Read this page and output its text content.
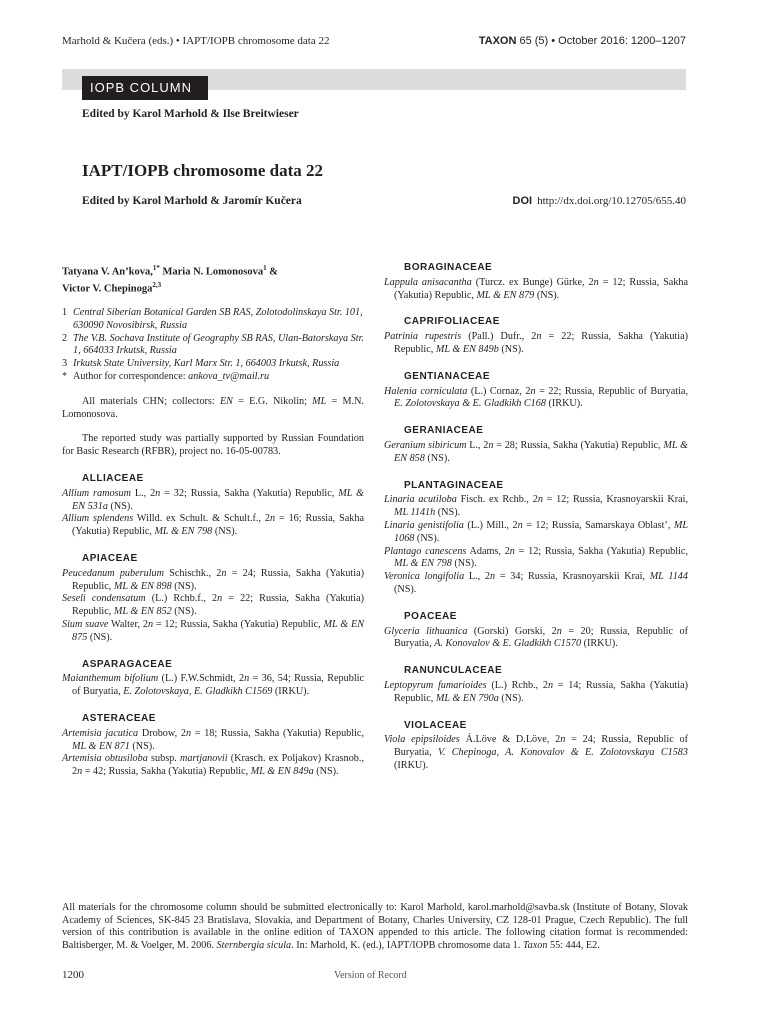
Marhold & Kučera (eds.) • IAPT/IOPB chromosome data 22	TAXON 65 (5) • October 2016: 1200–1207
IOPB COLUMN
Edited by Karol Marhold & Ilse Breitwieser
IAPT/IOPB chromosome data 22
Edited by Karol Marhold & Jaromír Kučera	DOI http://dx.doi.org/10.12705/655.40
Tatyana V. An’kova,$^{1*}$ Maria N. Lomonosova$^1$ &
Victor V. Chepinoga$^{2,3}$
1 Central Siberian Botanical Garden SB RAS, Zolotodolinskaya Str. 101, 630090 Novosibirsk, Russia
2 The V.B. Sochava Institute of Geography SB RAS, Ulan-Batorskaya Str. 1, 664033 Irkutsk, Russia
3 Irkutsk State University, Karl Marx Str. 1, 664003 Irkutsk, Russia
* Author for correspondence: ankova_tv@mail.ru
All materials CHN; collectors: EN = E.G. Nikolin; ML = M.N. Lomonosova.
The reported study was partially supported by Russian Foundation for Basic Research (RFBR), project no. 16-05-00783.
ALLIACEAE
Allium ramosum L., 2n = 32; Russia, Sakha (Yakutia) Republic, ML & EN 531a (NS).
Allium splendens Willd. ex Schult. & Schult.f., 2n = 16; Russia, Sakha (Yakutia) Republic, ML & EN 798 (NS).
APIACEAE
Peucedanum puberulum Schischk., 2n = 24; Russia, Sakha (Yakutia) Republic, ML & EN 898 (NS).
Seseli condensatum (L.) Rchb.f., 2n = 22; Russia, Sakha (Yakutia) Republic, ML & EN 852 (NS).
Sium suave Walter, 2n = 12; Russia, Sakha (Yakutia) Republic, ML & EN 875 (NS).
ASPARAGACEAE
Maianthemum bifolium (L.) F.W.Schmidt, 2n = 36, 54; Russia, Republic of Buryatia, E. Zolotovskaya, E. Gladkikh C1569 (IRKU).
ASTERACEAE
Artemisia jacutica Drobow, 2n = 18; Russia, Sakha (Yakutia) Republic, ML & EN 871 (NS).
Artemisia obtusiloba subsp. martjanovii (Krasch. ex Poljakov) Krasnob., 2n = 42; Russia, Sakha (Yakutia) Republic, ML & EN 849a (NS).
BORAGINACEAE
Lappula anisacantha (Turcz. ex Bunge) Gürke, 2n = 12; Russia, Sakha (Yakutia) Republic, ML & EN 879 (NS).
CAPRIFOLIACEAE
Patrinia rupestris (Pall.) Dufr., 2n = 22; Russia, Sakha (Yakutia) Republic, ML & EN 849b (NS).
GENTIANACEAE
Halenia corniculata (L.) Cornaz, 2n = 22; Russia, Republic of Buryatia, E. Zolotovskaya & E. Gladkikh C168 (IRKU).
GERANIACEAE
Geranium sibiricum L., 2n = 28; Russia, Sakha (Yakutia) Republic, ML & EN 858 (NS).
PLANTAGINACEAE
Linaria acutiloba Fisch. ex Rchb., 2n = 12; Russia, Krasnoyarskii Krai, ML 1141h (NS).
Linaria genistifolia (L.) Mill., 2n = 12; Russia, Samarskaya Oblast’, ML 1068 (NS).
Plantago canescens Adams, 2n = 12; Russia, Sakha (Yakutia) Republic, ML & EN 798 (NS).
Veronica longifolia L., 2n = 34; Russia, Krasnoyarskii Krai, ML 1144 (NS).
POACEAE
Glyceria lithuanica (Gorski) Gorski, 2n = 20; Russia, Republic of Buryatia, A. Konovalov & E. Gladkikh C1570 (IRKU).
RANUNCULACEAE
Leptopyrum fumarioides (L.) Rchb., 2n = 14; Russia, Sakha (Yakutia) Republic, ML & EN 790a (NS).
VIOLACEAE
Viola epipsiloides Á.Löve & D.Löve, 2n = 24; Russia, Republic of Buryatia, V. Chepinoga, A. Konovalov & E. Zolotovskaya C1583 (IRKU).
All materials for the chromosome column should be submitted electronically to: Karol Marhold, karol.marhold@savba.sk (Institute of Botany, Slovak Academy of Sciences, SK-845 23 Bratislava, Slovakia, and Department of Botany, Charles University, CZ 128-01 Prague, Czech Republic). The full version of this contribution is available in the online edition of TAXON appended to this article. The following citation format is recommended: Baltisberger, M. & Voelger, M. 2006. Sternbergia sicula. In: Marhold, K. (ed.), IAPT/IOPB chromosome data 1. Taxon 55: 444, E2.
1200	Version of Record
